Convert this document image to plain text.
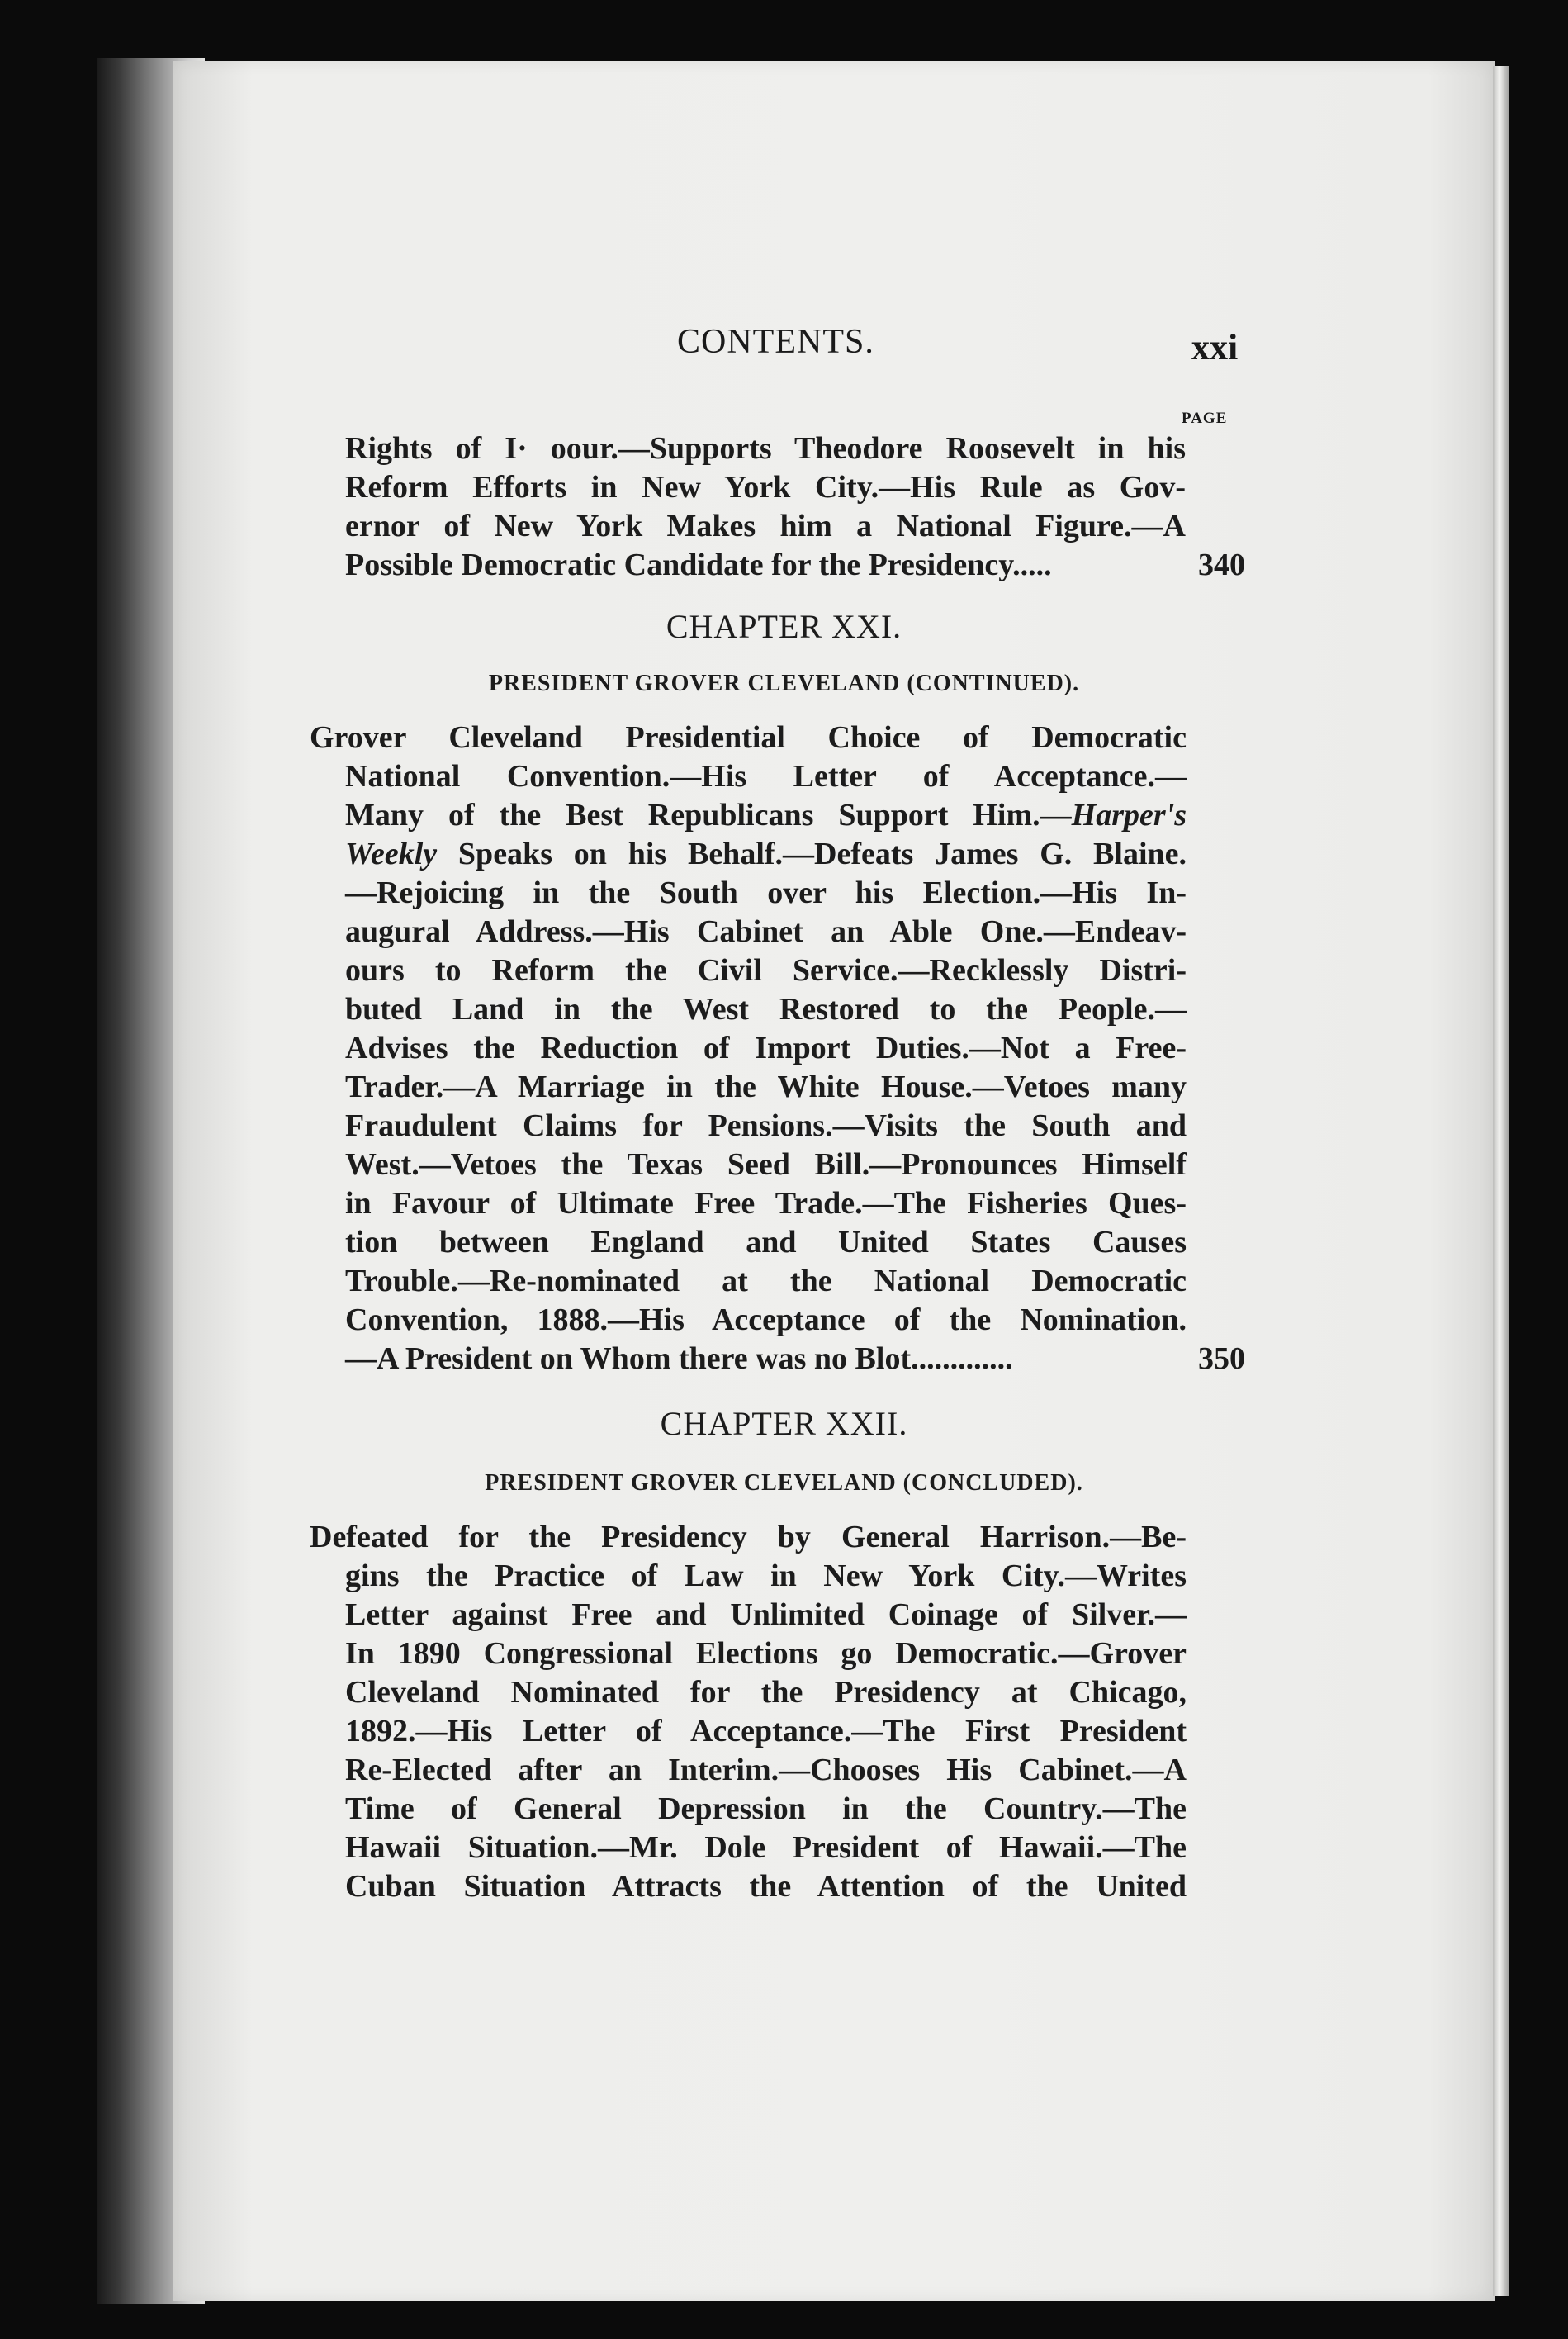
CONTENTS.	xxi
PAGE
Rights of I· oour.—Supports Theodore Roosevelt in his
Reform Efforts in New York City.—His Rule as Gov-
ernor of New York Makes him a National Figure.—A
Possible Democratic Candidate for the Presidency.....	340
CHAPTER XXI.
PRESIDENT GROVER CLEVELAND (CONTINUED).
Grover Cleveland Presidential Choice of Democratic
National Convention.—His Letter of Acceptance.—
Many of the Best Republicans Support Him.—Harper's
Weekly Speaks on his Behalf.—Defeats James G. Blaine.
—Rejoicing in the South over his Election.—His In-
augural Address.—His Cabinet an Able One.—Endeav-
ours to Reform the Civil Service.—Recklessly Distri-
buted Land in the West Restored to the People.—
Advises the Reduction of Import Duties.—Not a Free-
Trader.—A Marriage in the White House.—Vetoes many
Fraudulent Claims for Pensions.—Visits the South and
West.—Vetoes the Texas Seed Bill.—Pronounces Himself
in Favour of Ultimate Free Trade.—The Fisheries Ques-
tion between England and United States Causes
Trouble.—Re-nominated at the National Democratic
Convention, 1888.—His Acceptance of the Nomination.
—A President on Whom there was no Blot.............	350
CHAPTER XXII.
PRESIDENT GROVER CLEVELAND (CONCLUDED).
Defeated for the Presidency by General Harrison.—Be-
gins the Practice of Law in New York City.—Writes
Letter against Free and Unlimited Coinage of Silver.—
In 1890 Congressional Elections go Democratic.—Grover
Cleveland Nominated for the Presidency at Chicago,
1892.—His Letter of Acceptance.—The First President
Re-Elected after an Interim.—Chooses His Cabinet.—A
Time of General Depression in the Country.—The
Hawaii Situation.—Mr. Dole President of Hawaii.—The
Cuban Situation Attracts the Attention of the United
